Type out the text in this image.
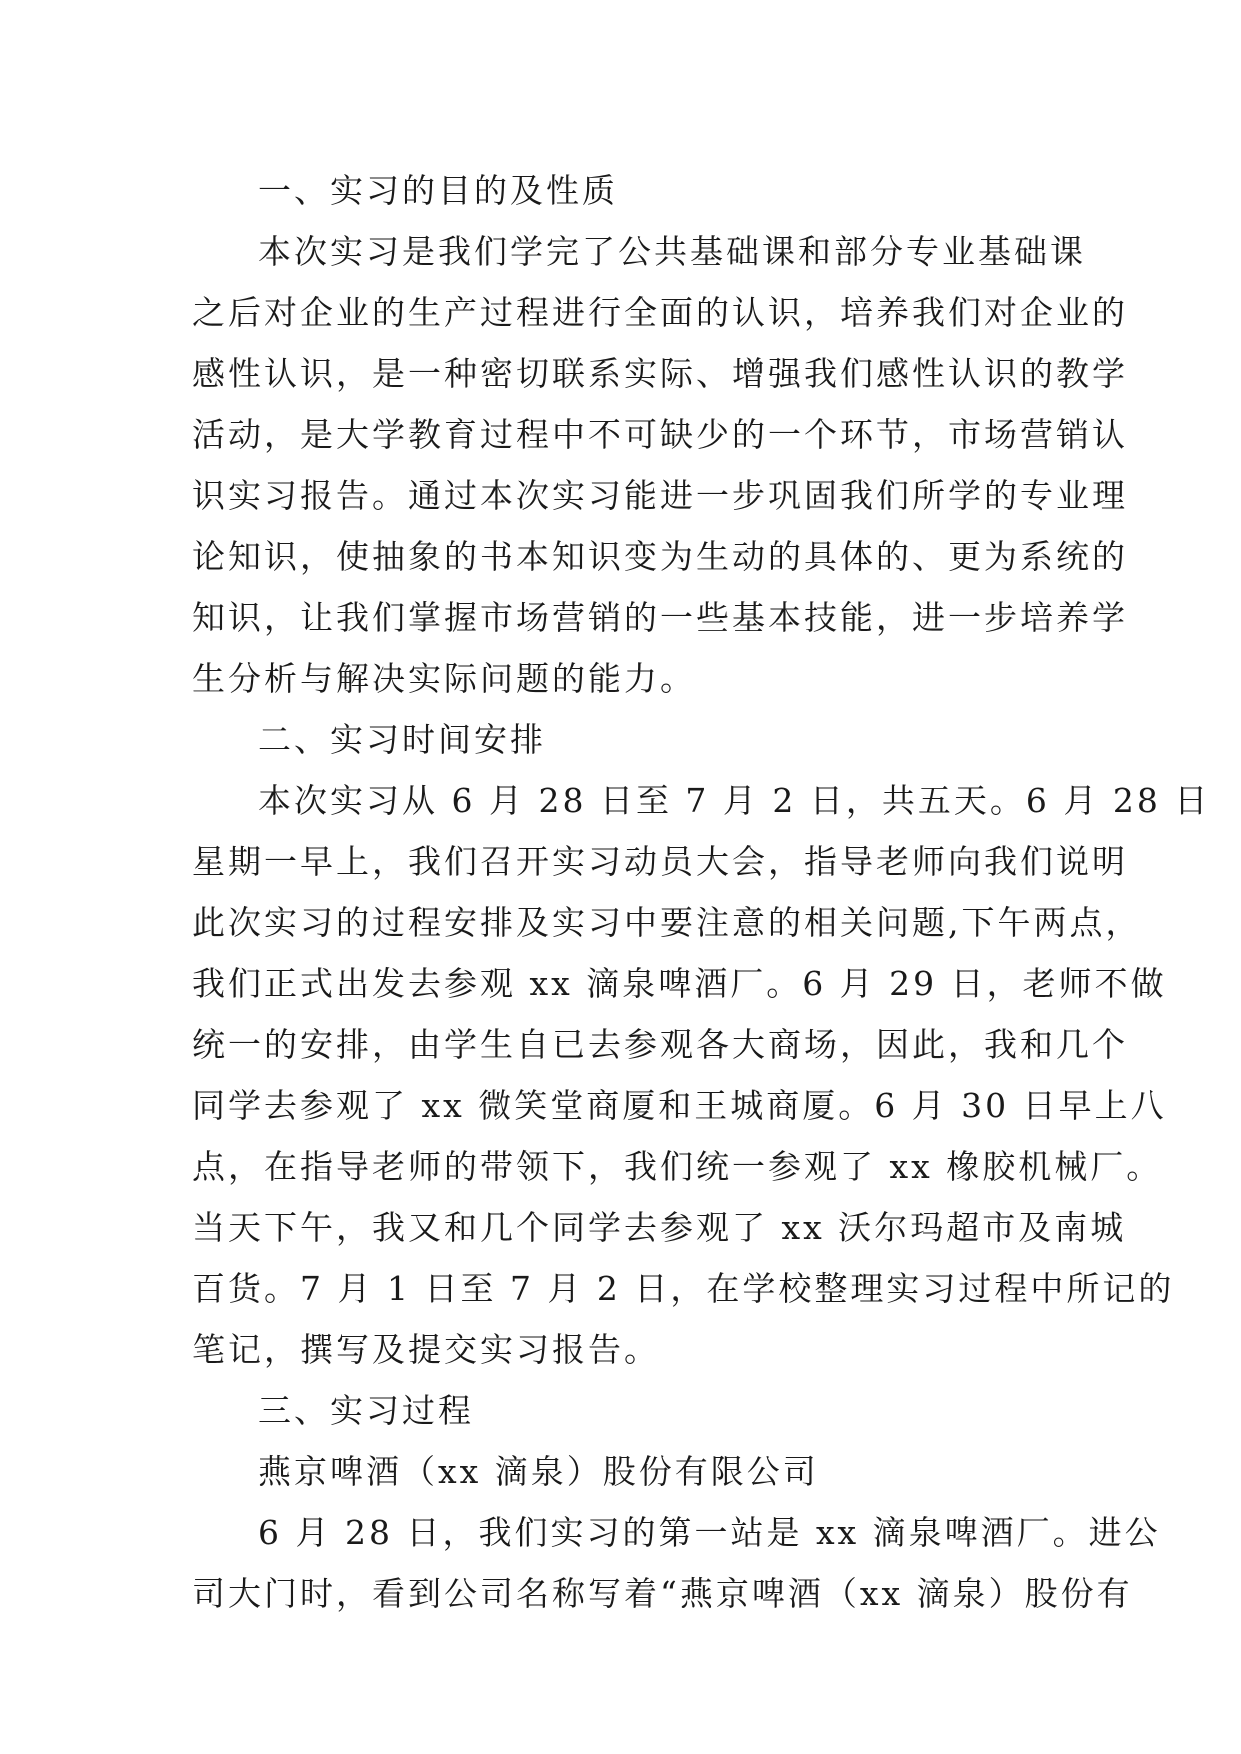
一、实习的目的及性质
本次实习是我们学完了公共基础课和部分专业基础课
之后对企业的生产过程进行全面的认识，培养我们对企业的
感性认识，是一种密切联系实际、增强我们感性认识的教学
活动，是大学教育过程中不可缺少的一个环节，市场营销认
识实习报告。通过本次实习能进一步巩固我们所学的专业理
论知识，使抽象的书本知识变为生动的具体的、更为系统的
知识，让我们掌握市场营销的一些基本技能，进一步培养学
生分析与解决实际问题的能力。
二、实习时间安排
本次实习从 6 月 28 日至 7 月 2 日，共五天。6 月 28 日
星期一早上，我们召开实习动员大会，指导老师向我们说明
此次实习的过程安排及实习中要注意的相关问题,下午两点，
我们正式出发去参观 xx 滴泉啤酒厂。6 月 29 日，老师不做
统一的安排，由学生自已去参观各大商场，因此，我和几个
同学去参观了 xx 微笑堂商厦和王城商厦。6 月 30 日早上八
点，在指导老师的带领下，我们统一参观了 xx 橡胶机械厂。
当天下午，我又和几个同学去参观了 xx 沃尔玛超市及南城
百货。7 月 1 日至 7 月 2 日，在学校整理实习过程中所记的
笔记，撰写及提交实习报告。
三、实习过程
燕京啤酒（xx 滴泉）股份有限公司
6 月 28 日，我们实习的第一站是 xx 滴泉啤酒厂。进公
司大门时，看到公司名称写着“燕京啤酒（xx 滴泉）股份有
